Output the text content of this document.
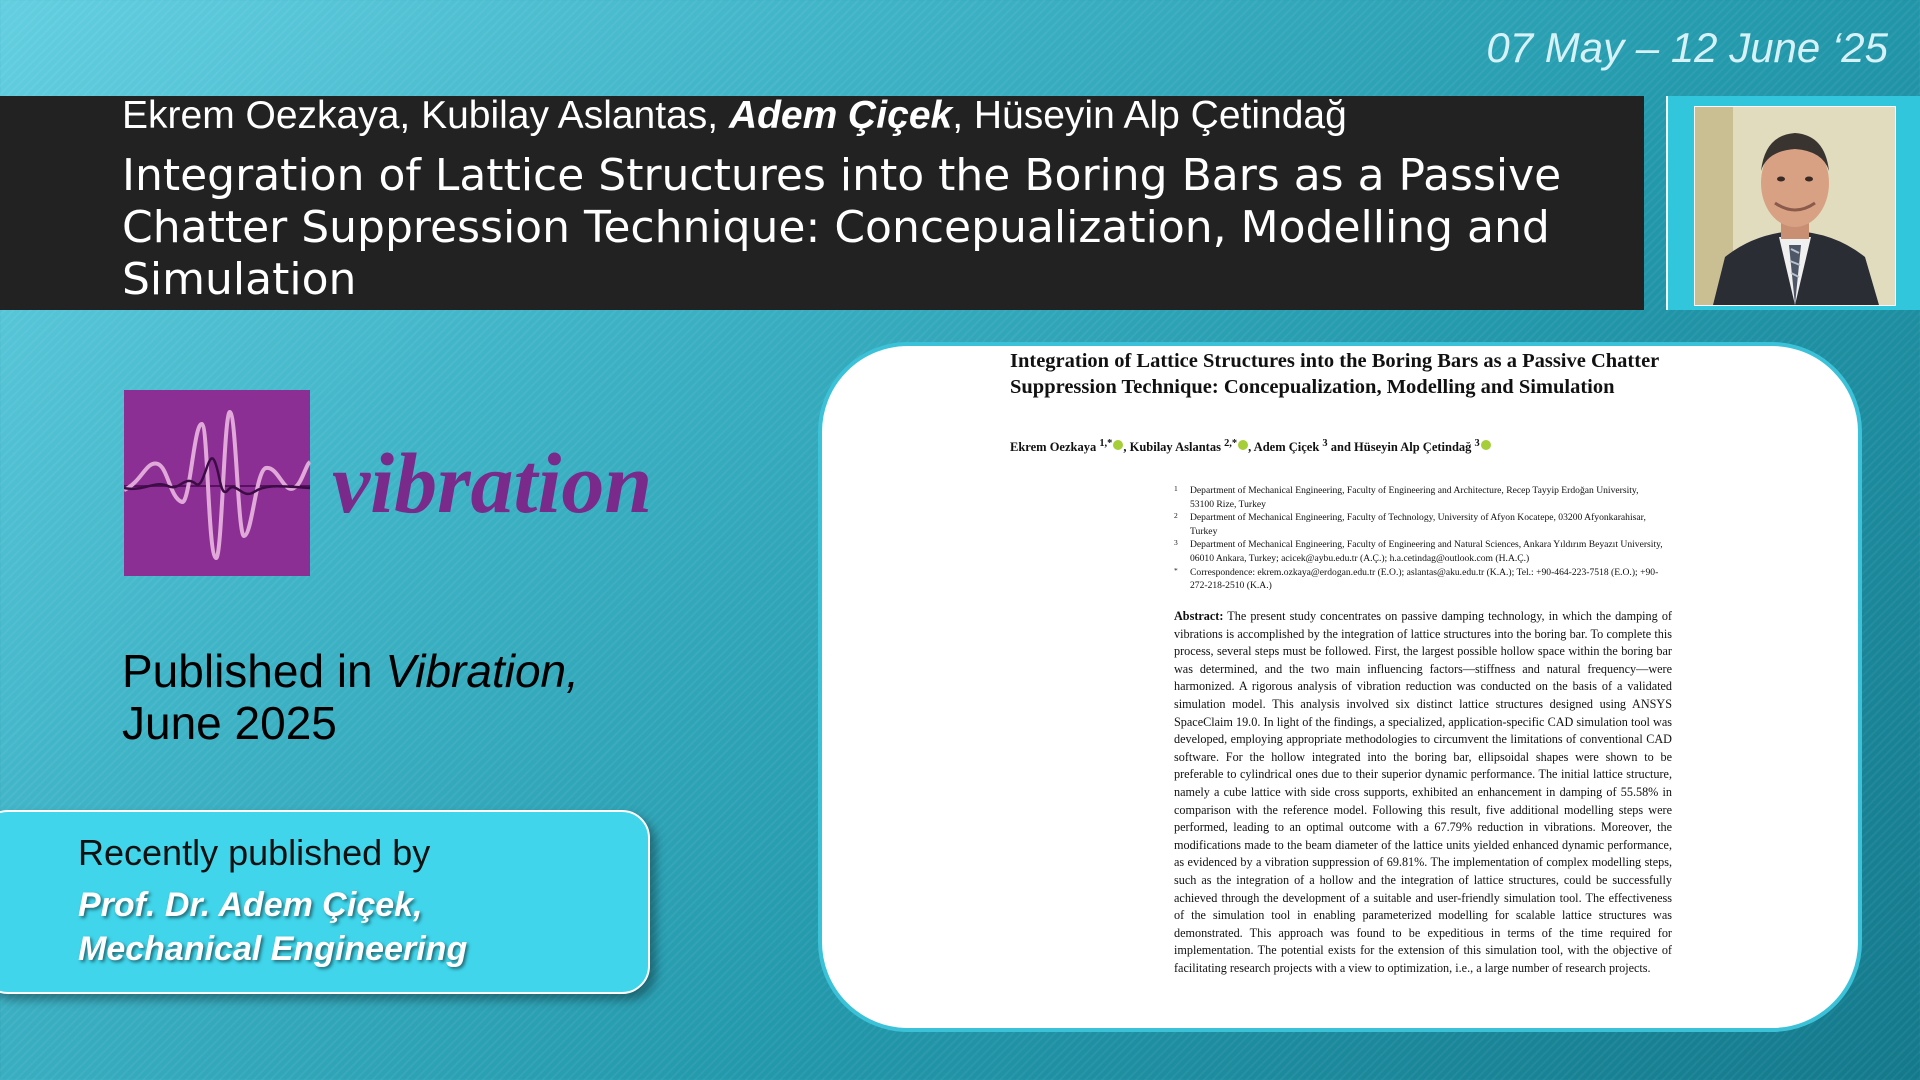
07 May – 12 June ‘25
Ekrem Oezkaya, Kubilay Aslantas, Adem Çiçek, Hüseyin Alp Çetindağ
Integration of Lattice Structures into the Boring Bars as a Passive Chatter Suppression Technique: Concepualization, Modelling and Simulation
vibration
Published in Vibration,
June 2025
Recently published by
Prof. Dr. Adem Çiçek,
Mechanical Engineering
Integration of Lattice Structures into the Boring Bars as a Passive Chatter Suppression Technique: Concepualization, Modelling and Simulation
Ekrem Oezkaya $^{1,*}$ , Kubilay Aslantas $^{2,*}$ , Adem Çiçek $^3$ and Hüseyin Alp Çetindağ $^3$
1 Department of Mechanical Engineering, Faculty of Engineering and Architecture, Recep Tayyip Erdoğan University, 53100 Rize, Turkey
2 Department of Mechanical Engineering, Faculty of Technology, University of Afyon Kocatepe, 03200 Afyonkarahisar, Turkey
3 Department of Mechanical Engineering, Faculty of Engineering and Natural Sciences, Ankara Yıldırım Beyazıt University, 06010 Ankara, Turkey; acicek@aybu.edu.tr (A.Ç.); h.a.cetindag@outlook.com (H.A.Ç.)
* Correspondence: ekrem.ozkaya@erdogan.edu.tr (E.O.); aslantas@aku.edu.tr (K.A.); Tel.: +90-464-223-7518 (E.O.); +90-272-218-2510 (K.A.)
Abstract: The present study concentrates on passive damping technology, in which the damping of vibrations is accomplished by the integration of lattice structures into the boring bar. To complete this process, several steps must be followed. First, the largest possible hollow space within the boring bar was determined, and the two main influencing factors—stiffness and natural frequency—were harmonized. A rigorous analysis of vibration reduction was conducted on the basis of a validated simulation model. This analysis involved six distinct lattice structures designed using ANSYS SpaceClaim 19.0. In light of the findings, a specialized, application-specific CAD simulation tool was developed, employing appropriate methodologies to circumvent the limitations of conventional CAD software. For the hollow integrated into the boring bar, ellipsoidal shapes were shown to be preferable to cylindrical ones due to their superior dynamic performance. The initial lattice structure, namely a cube lattice with side cross supports, exhibited an enhancement in damping of 55.58% in comparison with the reference model. Following this result, five additional modelling steps were performed, leading to an optimal outcome with a 67.79% reduction in vibrations. Moreover, the modifications made to the beam diameter of the lattice units yielded enhanced dynamic performance, as evidenced by a vibration suppression of 69.81%. The implementation of complex modelling steps, such as the integration of a hollow and the integration of lattice structures, could be successfully achieved through the development of a suitable and user-friendly simulation tool. The effectiveness of the simulation tool in enabling parameterized modelling for scalable lattice structures was demonstrated. This approach was found to be expeditious in terms of the time required for implementation. The potential exists for the extension of this simulation tool, with the objective of facilitating research projects with a view to optimization, i.e., a large number of research projects.
